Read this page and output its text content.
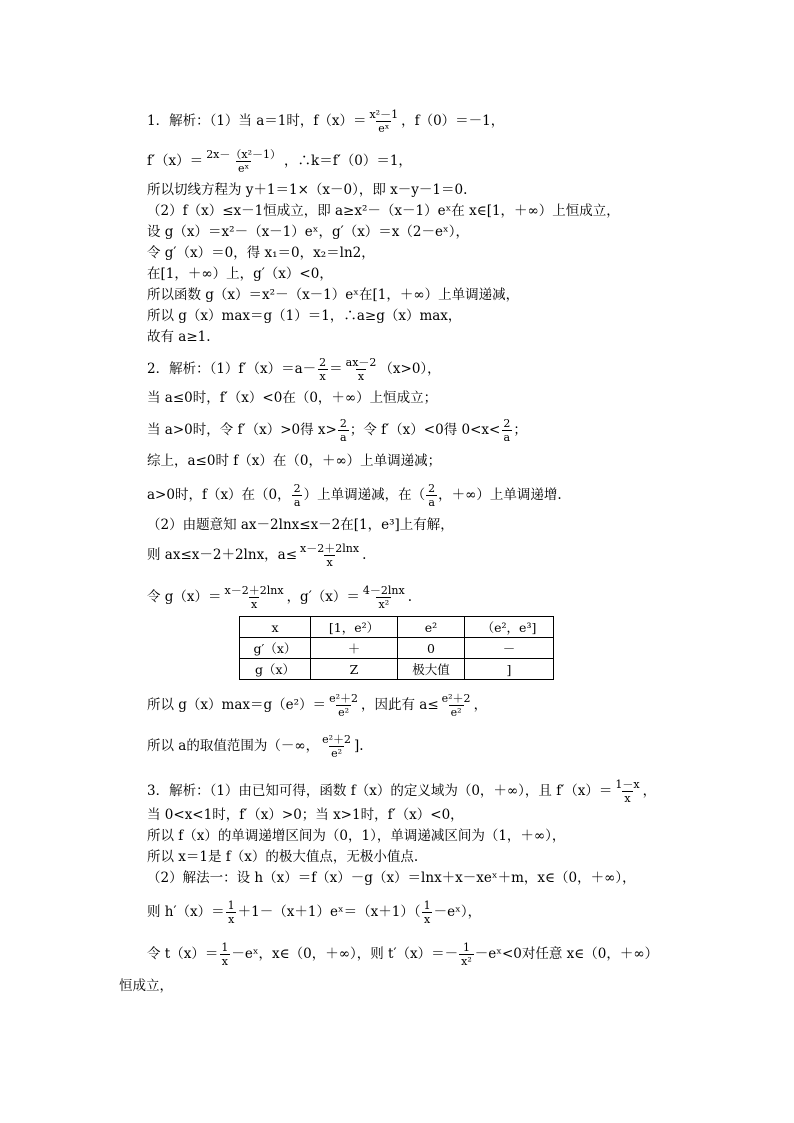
1．解析：（1）当 a＝1时，$f(x)= \frac{\text{x²－1}}{\text{eˣ}}$ ，f（0）＝－1，
$f'(x)= \frac{\text{2x－（x²－1）}}{\text{eˣ}}$ ，∴k＝f′（0）＝1，
所以切线方程为 y＋1＝1×（x－0），即 x－y－1＝0.
（2）f（x）≤x－1恒成立，即 a≥x²－（x－1）eˣ在 x∈[1，＋∞）上恒成立，
设 g（x）＝x²－（x－1）eˣ，g′（x）＝x（2－eˣ），
令 g′（x）＝0，得 x₁＝0，x₂＝ln2，
在[1，＋∞）上，g′（x）<0，
所以函数 g（x）＝x²－（x－1）eˣ在[1，＋∞）上单调递减，
所以 g（x）max＝g（1）＝1，∴a≥g（x）max，
故有 a≥1.
2．解析：$(1)f'(x)=a- \frac{2}{x} = \frac{ax-2}{x} (x>0)$，
当 a≤0时，f′（x）<0在（0，＋∞）上恒成立；
当 a>0时，令 f′（x）>0得 $x> \frac{2}{a}$ ；令 f′（x）<0得 $0<x< \frac{2}{a}$ ；
综上，a≤0时 f（x）在（0，＋∞）上单调递减；
a>0时，f（x）在（0， $\frac{2}{a}$ ）上单调递减，在（ $\frac{2}{a}$ ，＋∞）上单调递增.
（2）由题意知 ax－2lnx≤x－2在[1，e³]上有解，
则 ax≤x－2＋2lnx，$a\le \frac{x-2+2\ln x}{x}$ .
令 $g(x)= \frac{x-2+2\ln x}{x}$ ，$g'(x)= \frac{4-2\ln x}{\text{x²}}$ .
x	[1，e²）	e²	（e²，e³]
g′（x）	＋	0	－
g（x）	Z	极大值	]
所以 $g(x)\max=g(e^2)= \frac{\text{e²＋2}}{\text{e²}}$ ，因此有 $a\le \frac{\text{e²＋2}}{\text{e²}}$ ，
所以 a的取值范围为（－∞， $\frac{\text{e²＋2}}{\text{e²}}$ ].
3．解析：（1）由已知可得，函数 f（x）的定义域为（0，＋∞），且 $f'(x)= \frac{1-x}{x}$ ，
当 0<x<1时，f′（x）>0；当 x>1时，f′（x）<0，
所以 f（x）的单调递增区间为（0，1），单调递减区间为（1，＋∞），
所以 x＝1是 f（x）的极大值点，无极小值点.
（2）解法一：设 h（x）＝f（x）－g（x）＝lnx＋x－xeˣ＋m，x∈（0，＋∞），
则 $h'(x)= \frac{1}{x}$ ＋1－（x＋1）eˣ＝（x＋1）（ $\frac{1}{x}$ －eˣ），
令 $t(x)= \frac{1}{x}$ －eˣ，x∈（0，＋∞），则 $t'(x)=- \frac{1}{\text{x²}}$ －eˣ<0对任意 x∈（0，＋∞）
恒成立，
